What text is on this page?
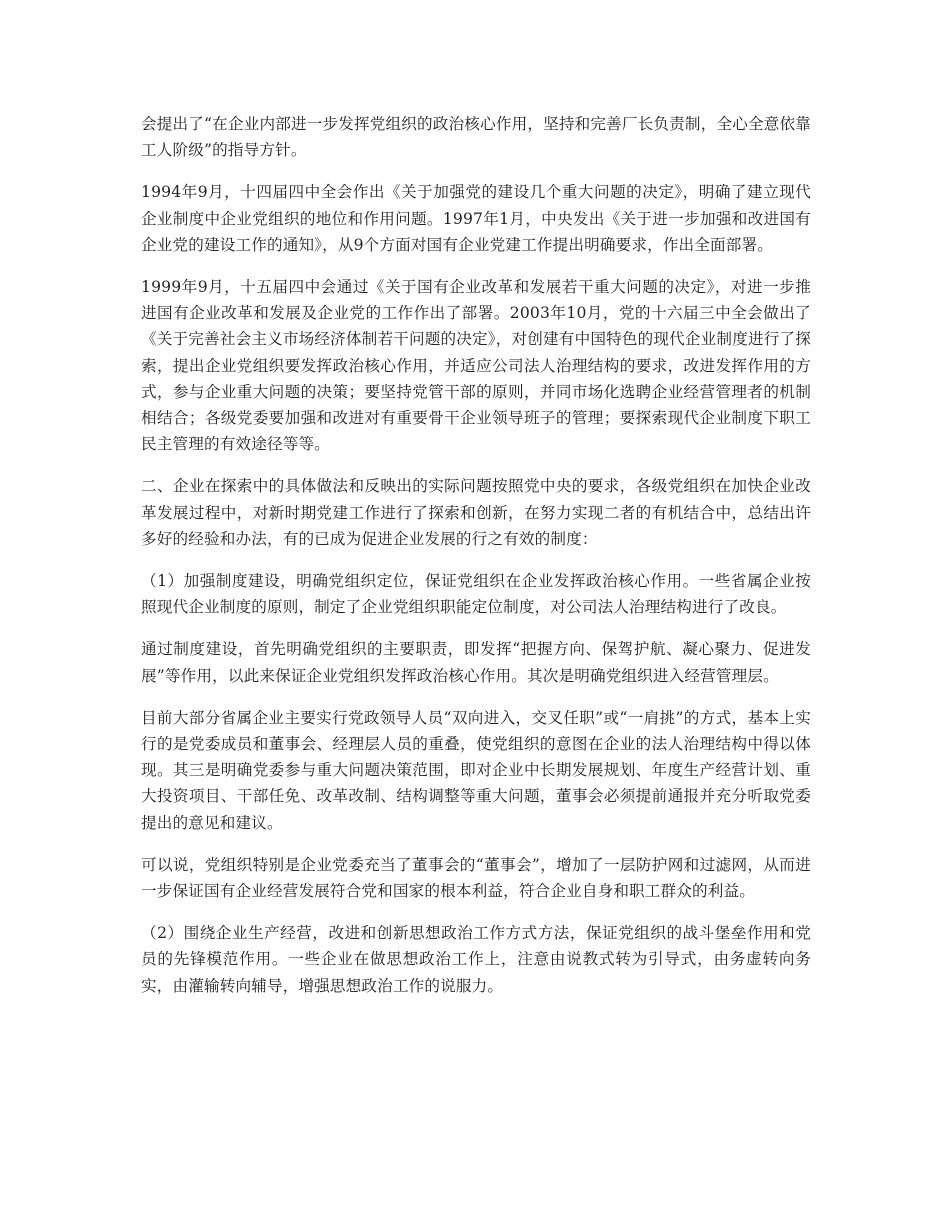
会提出了“在企业内部进一步发挥党组织的政治核心作用，坚持和完善厂长负责制，全心全意依靠工人阶级”的指导方针。

1994年9月，十四届四中全会作出《关于加强党的建设几个重大问题的决定》，明确了建立现代企业制度中企业党组织的地位和作用问题。1997年1月，中央发出《关于进一步加强和改进国有企业党的建设工作的通知》，从9个方面对国有企业党建工作提出明确要求，作出全面部署。

1999年9月，十五届四中会通过《关于国有企业改革和发展若干重大问题的决定》，对进一步推进国有企业改革和发展及企业党的工作作出了部署。2003年10月，党的十六届三中全会做出了《关于完善社会主义市场经济体制若干问题的决定》，对创建有中国特色的现代企业制度进行了探索，提出企业党组织要发挥政治核心作用，并适应公司法人治理结构的要求，改进发挥作用的方式，参与企业重大问题的决策；要坚持党管干部的原则，并同市场化选聘企业经营管理者的机制相结合；各级党委要加强和改进对有重要骨干企业领导班子的管理；要探索现代企业制度下职工民主管理的有效途径等等。

二、企业在探索中的具体做法和反映出的实际问题按照党中央的要求，各级党组织在加快企业改革发展过程中，对新时期党建工作进行了探索和创新，在努力实现二者的有机结合中，总结出许多好的经验和办法，有的已成为促进企业发展的行之有效的制度：

（1）加强制度建设，明确党组织定位，保证党组织在企业发挥政治核心作用。一些省属企业按照现代企业制度的原则，制定了企业党组织职能定位制度，对公司法人治理结构进行了改良。

通过制度建设，首先明确党组织的主要职责，即发挥“把握方向、保驾护航、凝心聚力、促进发展”等作用，以此来保证企业党组织发挥政治核心作用。其次是明确党组织进入经营管理层。

目前大部分省属企业主要实行党政领导人员“双向进入，交叉任职”或“一肩挑”的方式，基本上实行的是党委成员和董事会、经理层人员的重叠，使党组织的意图在企业的法人治理结构中得以体现。其三是明确党委参与重大问题决策范围，即对企业中长期发展规划、年度生产经营计划、重大投资项目、干部任免、改革改制、结构调整等重大问题，董事会必须提前通报并充分听取党委提出的意见和建议。

可以说，党组织特别是企业党委充当了董事会的“董事会”，增加了一层防护网和过滤网，从而进一步保证国有企业经营发展符合党和国家的根本利益，符合企业自身和职工群众的利益。

（2）围绕企业生产经营，改进和创新思想政治工作方式方法，保证党组织的战斗堡垒作用和党员的先锋模范作用。一些企业在做思想政治工作上，注意由说教式转为引导式，由务虚转向务实，由灌输转向辅导，增强思想政治工作的说服力。
